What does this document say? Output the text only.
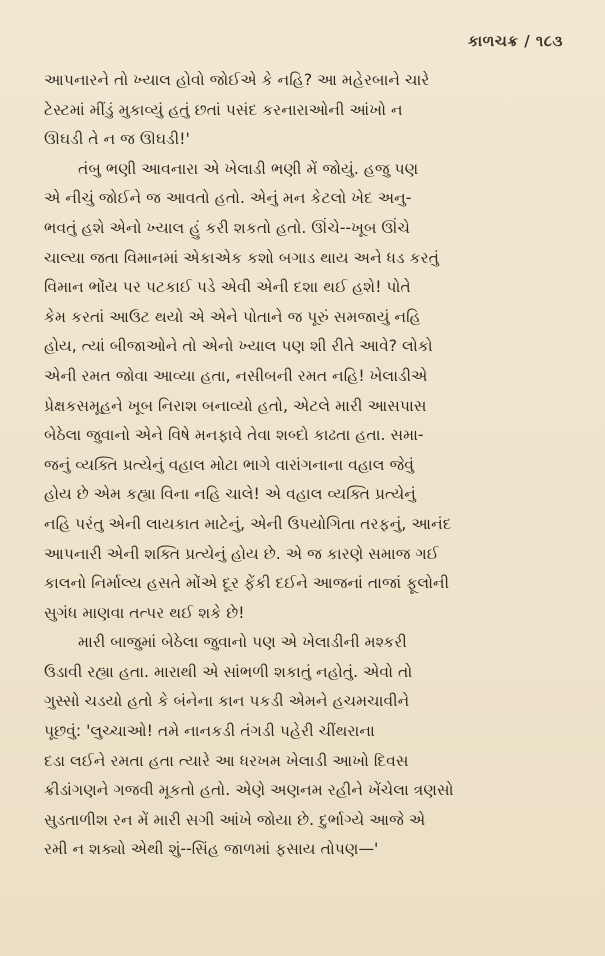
કાળચક્ર / ૧૮૩
આપનારને તો ખ્યાલ હોવો જોઈએ કે નહિ? આ મહેરબાને ચારે
ટેસ્ટમાં મીંડું મુકાવ્યું હતું છતાં પસંદ કરનારાઓની આંખો ન
ઊઘડી તે ન જ ઊઘડી!'
તંબુ ભણી આવનારા એ ખેલાડી ભણી મેં જોયું. હજુ પણ
એ નીચું જોઈને જ આવતો હતો. એનું મન કેટલો ખેદ અનુ-
ભવતું હશે એનો ખ્યાલ હું કરી શકતો હતો. ઊંચે--ખૂબ ઊંચે
ચાલ્યા જતા વિમાનમાં એકાએક કશો બગાડ થાય અને ધડ કરતું
વિમાન ભોંય પર પટકાઈ પડે એવી એની દશા થઈ હશે! પોતે
કેમ કરતાં આઉટ થયો એ એને પોતાને જ પૂરું સમજાયું નહિ
હોય, ત્યાં બીજાઓને તો એનો ખ્યાલ પણ શી રીતે આવે? લોકો
એની રમત જોવા આવ્યા હતા, નસીબની રમત નહિ! ખેલાડીએ
પ્રેક્ષકસમૂહને ખૂબ નિરાશ બનાવ્યો હતો, એટલે મારી આસપાસ
બેઠેલા જુવાનો એને વિષે મનફાવે તેવા શબ્દો કાઢતા હતા. સમા-
જનું વ્યક્તિ પ્રત્યેનું વહાલ મોટા ભાગે વારાંગનાના વહાલ જેવું
હોય છે એમ કહ્યા વિના નહિ ચાલે! એ વહાલ વ્યક્તિ પ્રત્યેનું
નહિ પરંતુ એની લાયકાત માટેનું, એની ઉપયોગિતા તરફનું, આનંદ
આપનારી એની શક્તિ પ્રત્યેનું હોય છે. એ જ કારણે સમાજ ગઈ
કાલનો નિર્માલ્ય હસતે મોંએ દૂર ફેંકી દઈને આજનાં તાજાં ફૂલોની
સુગંધ માણવા તત્પર થઈ શકે છે!
મારી બાજુમાં બેઠેલા જુવાનો પણ એ ખેલાડીની મશ્કરી
ઉડાવી રહ્યા હતા. મારાથી એ સાંભળી શકાતું નહોતું. એવો તો
ગુસ્સો ચડયો હતો કે બંનેના કાન પકડી એમને હચમચાવીને
પૂછવું: 'લુચ્ચાઓ! તમે નાનકડી તંગડી પહેરી ચીંથરાના
દડા લઈને રમતા હતા ત્યારે આ ધરખમ ખેલાડી આખો દિવસ
ક્રીડાંગણને ગજવી મૂકતો હતો. એણે અણનમ રહીને ખેંચેલા ત્રણસો
સુડતાળીશ રન મેં મારી સગી આંખે જોયા છે. દુર્ભાગ્યે આજે એ
રમી ન શક્યો એથી શું--સિંહ જાળમાં ફસાય તોપણ—'
